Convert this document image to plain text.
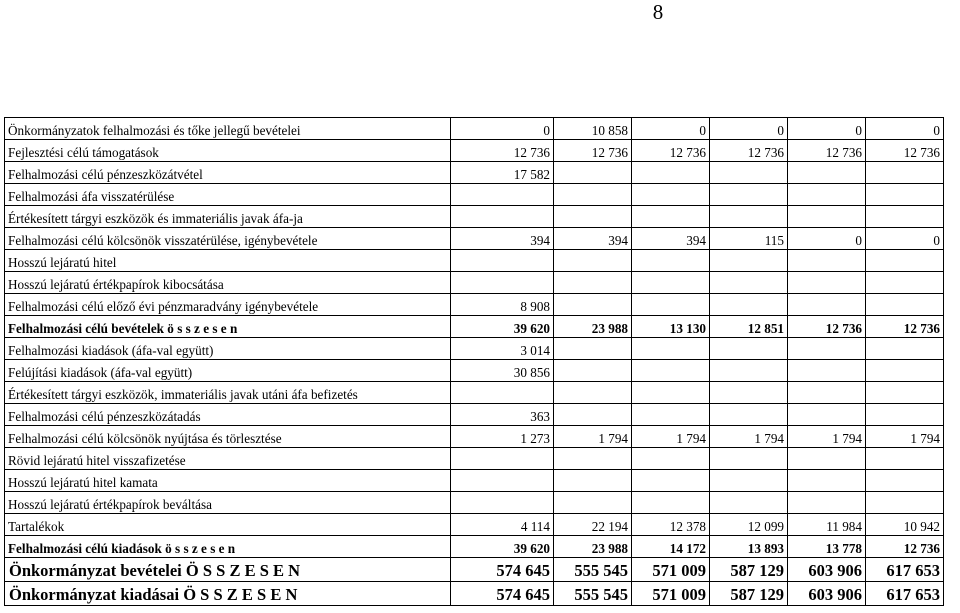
8
Önkormányzatok felhalmozási és tőke jellegű bevételei	0	10 858	0	0	0	0
Fejlesztési célú támogatások	12 736	12 736	12 736	12 736	12 736	12 736
Felhalmozási célú pénzeszközátvétel	17 582					
Felhalmozási áfa visszatérülése						
Értékesített tárgyi eszközök és immateriális javak áfa-ja						
Felhalmozási célú kölcsönök visszatérülése, igénybevétele	394	394	394	115	0	0
Hosszú lejáratú hitel						
Hosszú lejáratú értékpapírok kibocsátása						
Felhalmozási célú előző évi pénzmaradvány igénybevétele	8 908					
Felhalmozási célú bevételek ö s s z e s e n	39 620	23 988	13 130	12 851	12 736	12 736
Felhalmozási kiadások (áfa-val együtt)	3 014					
Felújítási kiadások (áfa-val együtt)	30 856					
Értékesített tárgyi eszközök, immateriális javak utáni áfa befizetés						
Felhalmozási célú pénzeszközátadás	363					
Felhalmozási célú kölcsönök nyújtása és törlesztése	1 273	1 794	1 794	1 794	1 794	1 794
Rövid lejáratú hitel visszafizetése						
Hosszú lejáratú hitel kamata						
Hosszú lejáratú értékpapírok beváltása						
Tartalékok	4 114	22 194	12 378	12 099	11 984	10 942
Felhalmozási célú kiadások ö s s z e s e n	39 620	23 988	14 172	13 893	13 778	12 736
Önkormányzat bevételei Ö S S Z E S E N	574 645	555 545	571 009	587 129	603 906	617 653
Önkormányzat kiadásai Ö S S Z E S E N	574 645	555 545	571 009	587 129	603 906	617 653
